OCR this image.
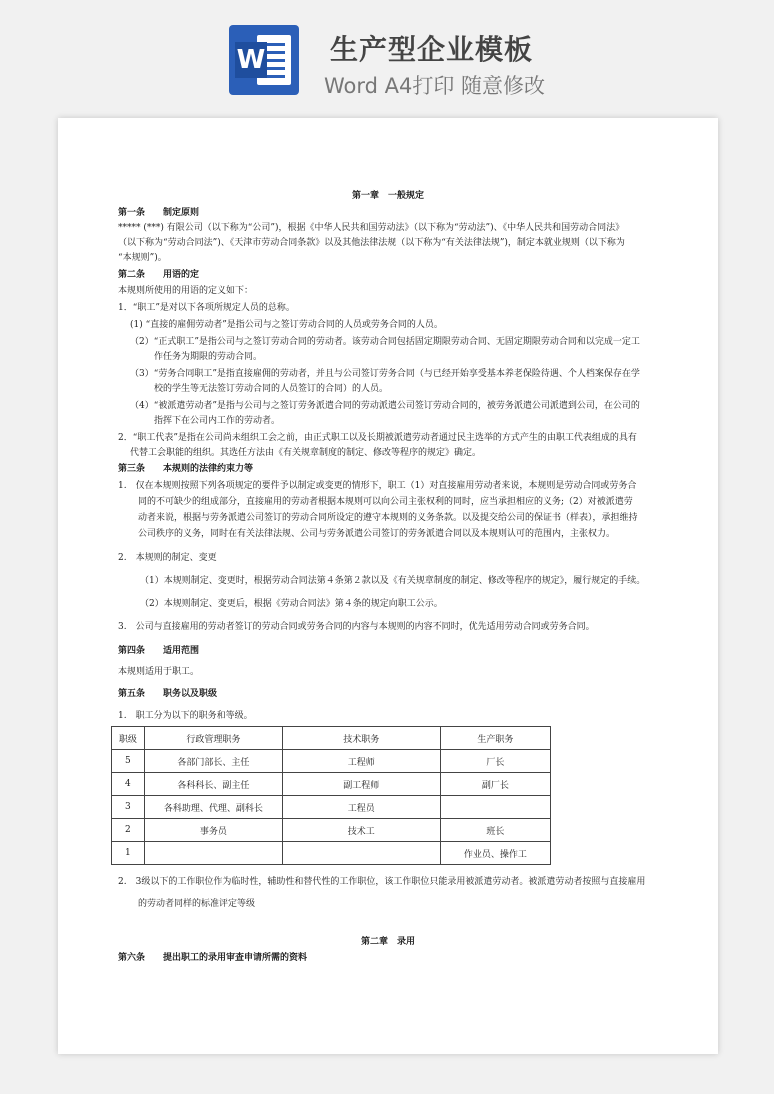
W 生产型企业模板
Word A4打印 随意修改
第一章　一般规定
第一条　　制定原则
***** (***) 有限公司（以下称为“公司”)，根据《中华人民共和国劳动法》（以下称为“劳动法”)、《中华人民共和国劳动合同法》
（以下称为“劳动合同法”)、《天津市劳动合同条款》以及其他法律法规（以下称为“有关法律法规”)，制定本就业规则（以下称为
“本规则”)。
第二条　　用语的定
本规则所使用的用语的定义如下：
1．“职工”是对以下各项所规定人员的总称。
(1) “直接的雇佣劳动者”是指公司与之签订劳动合同的人员或劳务合同的人员。
（2）“正式职工”是指公司与之签订劳动合同的劳动者。该劳动合同包括固定期限劳动合同、无固定期限劳动合同和以完成一定工
作任务为期限的劳动合同。
（3）“劳务合同职工”是指直接雇佣的劳动者，并且与公司签订劳务合同（与已经开始享受基本养老保险待遇、个人档案保存在学
校的学生等无法签订劳动合同的人员签订的合同）的人员。
（4）“被派遣劳动者”是指与公司与之签订劳务派遣合同的劳动派遣公司签订劳动合同的，被劳务派遣公司派遣到公司，在公司的
指挥下在公司内工作的劳动者。
2．“职工代表”是指在公司尚未组织工会之前，由正式职工以及长期被派遣劳动者通过民主选举的方式产生的由职工代表组成的具有
代替工会职能的组织。其选任方法由《有关规章制度的制定、修改等程序的规定》确定。
第三条　　本规则的法律约束力等
1.　仅在本规则按照下列各项规定的要件予以制定或变更的情形下，职工（1）对直接雇用劳动者来说，本规则是劳动合同或劳务合
同的不可缺少的组成部分，直接雇用的劳动者根据本规则可以向公司主张权利的同时，应当承担相应的义务;（2）对被派遣劳
动者来说，根据与劳务派遣公司签订的劳动合同所设定的遵守本规则的义务条款。以及提交给公司的保证书（样表），承担维持
公司秩序的义务，同时在有关法律法规、公司与劳务派遣公司签订的劳务派遣合同以及本规则认可的范围内，主张权力。
2.　本规则的制定、变更
（1）本规则制定、变更时，根据劳动合同法第４条第２款以及《有关规章制度的制定、修改等程序的规定》，履行规定的手续。
（2）本规则制定、变更后，根据《劳动合同法》第４条的规定向职工公示。
3.　公司与直接雇用的劳动者签订的劳动合同或劳务合同的内容与本规则的内容不同时，优先适用劳动合同或劳务合同。
第四条　　适用范围
本规则适用于职工。
第五条　　职务以及职级
1.　职工分为以下的职务和等级。
职级	行政管理职务	技术职务	生产职务
5	各部门部长、主任	工程师	厂长
4	各科科长、副主任	副工程师	副厂长
3	各科助理、代理、副科长	工程员	
2	事务员	技术工	班长
1			作业员、操作工
2.　3级以下的工作职位作为临时性，辅助性和替代性的工作职位，该工作职位只能录用被派遣劳动者。被派遣劳动者按照与直接雇用
的劳动者同样的标准评定等级
第二章　录用
第六条　　提出职工的录用审查申请所需的资料
